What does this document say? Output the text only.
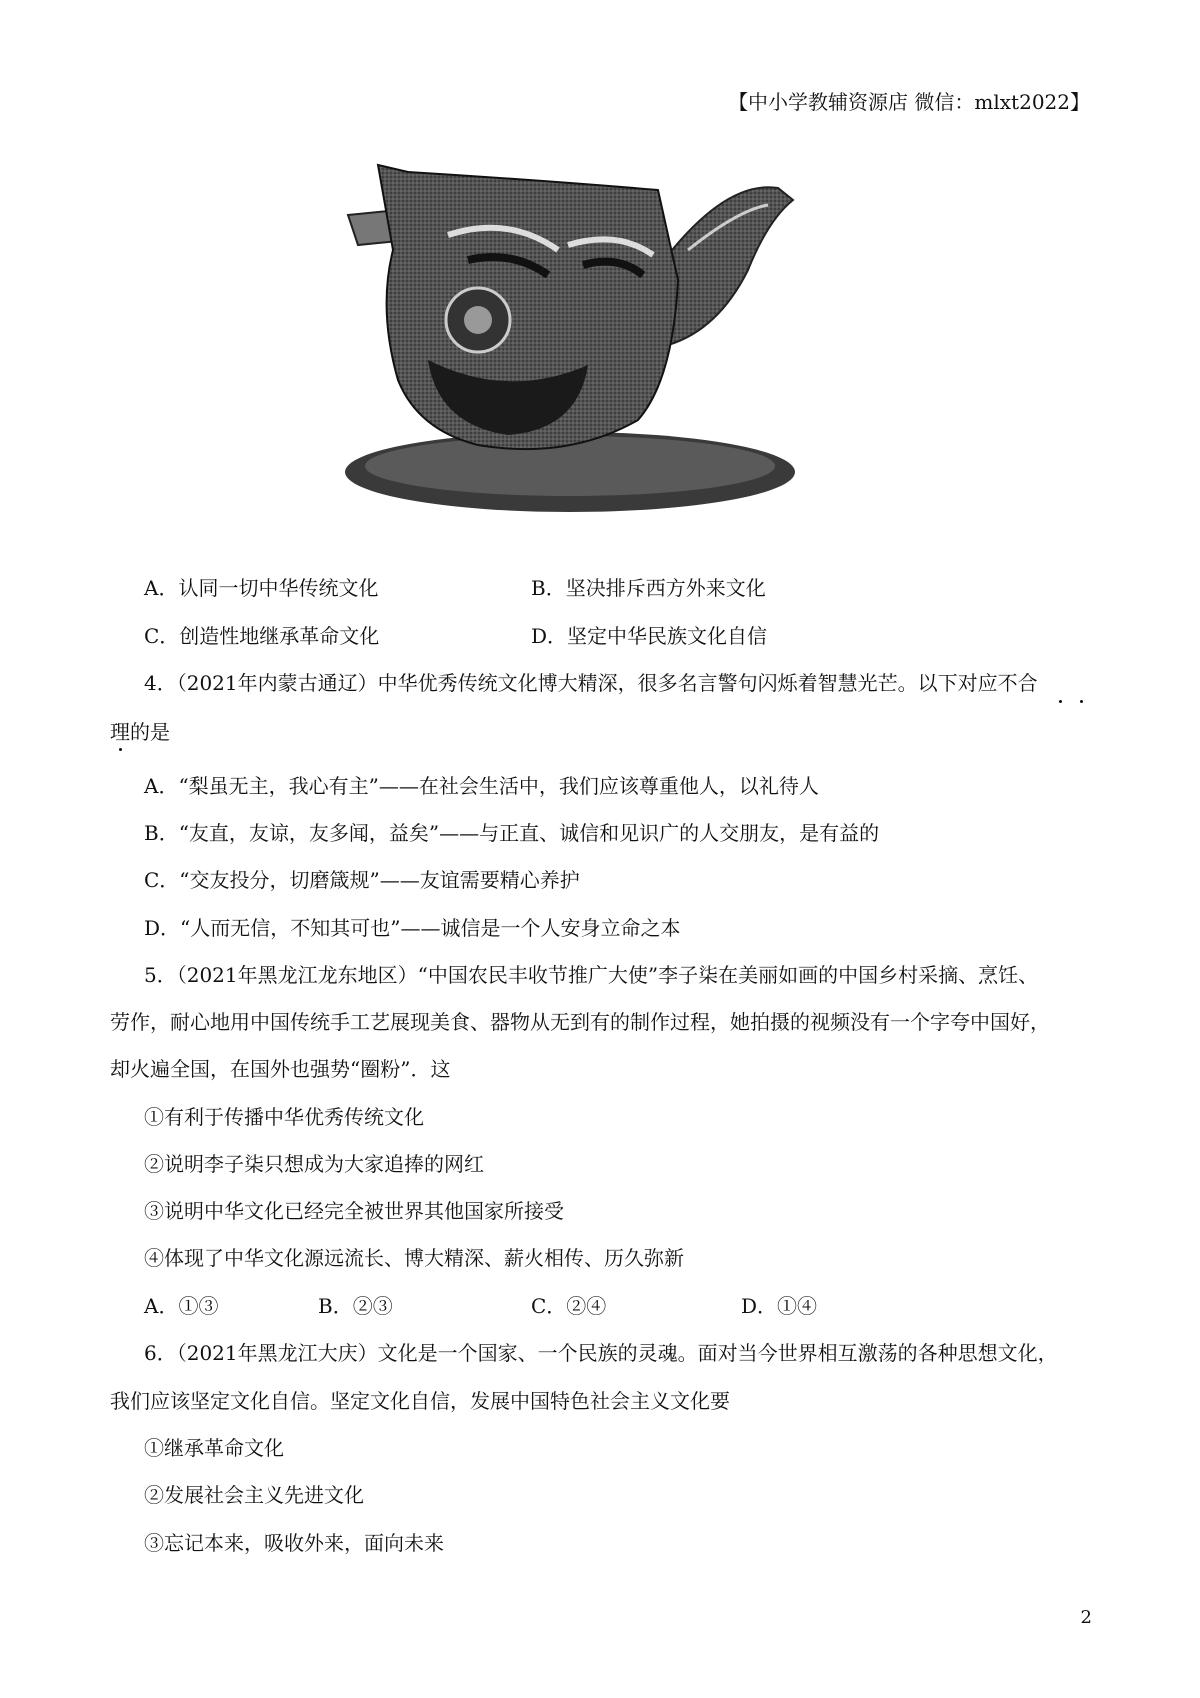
【中小学教辅资源店 微信：mlxt2022】
A．认同一切中华传统文化	B．坚决排斥西方外来文化
C．创造性地继承革命文化	D．坚定中华民族文化自信
4．（2021年内蒙古通辽）中华优秀传统文化博大精深，很多名言警句闪烁着智慧光芒。以下对应不合
理的是
A．“梨虽无主，我心有主”——在社会生活中，我们应该尊重他人，以礼待人
B．“友直，友谅，友多闻，益矣”——与正直、诚信和见识广的人交朋友，是有益的
C．“交友投分，切磨箴规”——友谊需要精心养护
D．“人而无信，不知其可也”——诚信是一个人安身立命之本
5．（2021年黑龙江龙东地区）“中国农民丰收节推广大使”李子柒在美丽如画的中国乡村采摘、烹饪、
劳作，耐心地用中国传统手工艺展现美食、器物从无到有的制作过程，她拍摄的视频没有一个字夸中国好，
却火遍全国，在国外也强势“圈粉”．这
①有利于传播中华优秀传统文化
②说明李子柒只想成为大家追捧的网红
③说明中华文化已经完全被世界其他国家所接受
④体现了中华文化源远流长、博大精深、薪火相传、历久弥新
A．①③	B．②③	C．②④	D．①④
6．（2021年黑龙江大庆）文化是一个国家、一个民族的灵魂。面对当今世界相互激荡的各种思想文化，
我们应该坚定文化自信。坚定文化自信，发展中国特色社会主义文化要
①继承革命文化
②发展社会主义先进文化
③忘记本来，吸收外来，面向未来
2
